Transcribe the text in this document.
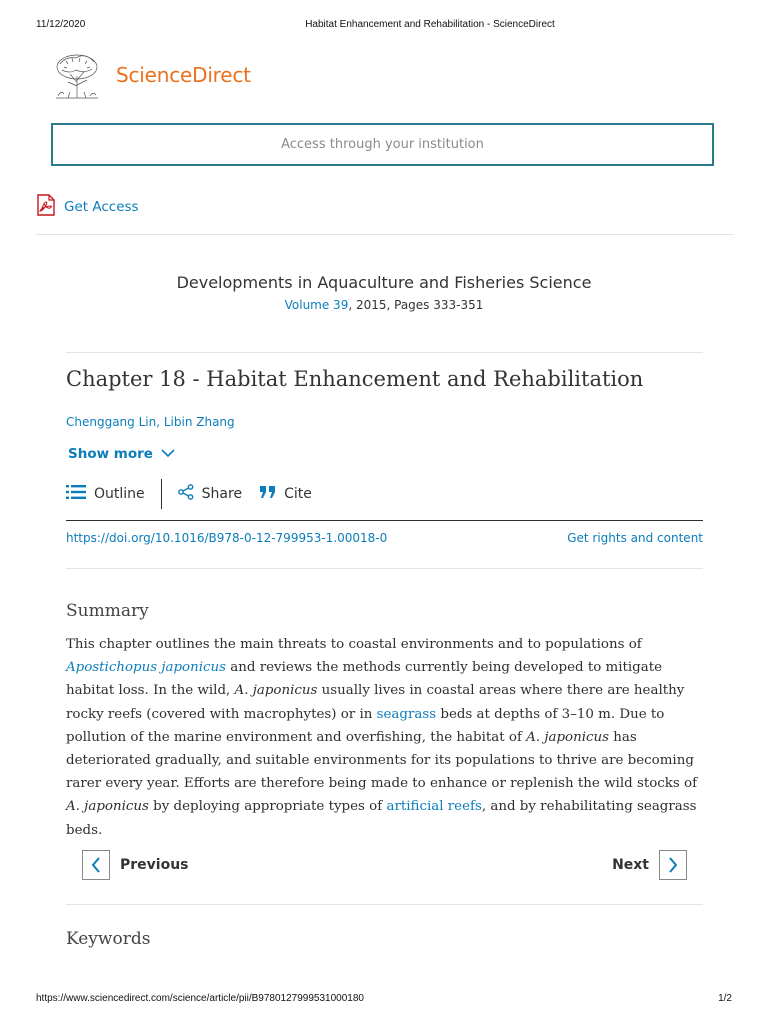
11/12/2020	Habitat Enhancement and Rehabilitation - ScienceDirect
ScienceDirect
Access through your institution
Get Access
Developments in Aquaculture and Fisheries Science
Volume 39, 2015, Pages 333-351
Chapter 18 - Habitat Enhancement and Rehabilitation
Chenggang Lin, Libin Zhang
Show more
Outline	Share	Cite
https://doi.org/10.1016/B978-0-12-799953-1.00018-0	Get rights and content
Summary
This chapter outlines the main threats to coastal environments and to populations of Apostichopus japonicus and reviews the methods currently being developed to mitigate habitat loss. In the wild, A. japonicus usually lives in coastal areas where there are healthy rocky reefs (covered with macrophytes) or in seagrass beds at depths of 3–10 m. Due to pollution of the marine environment and overfishing, the habitat of A. japonicus has deteriorated gradually, and suitable environments for its populations to thrive are becoming rarer every year. Efforts are therefore being made to enhance or replenish the wild stocks of A. japonicus by deploying appropriate types of artificial reefs, and by rehabilitating seagrass beds.
Previous	Next
Keywords
https://www.sciencedirect.com/science/article/pii/B9780127999531000180	1/2
